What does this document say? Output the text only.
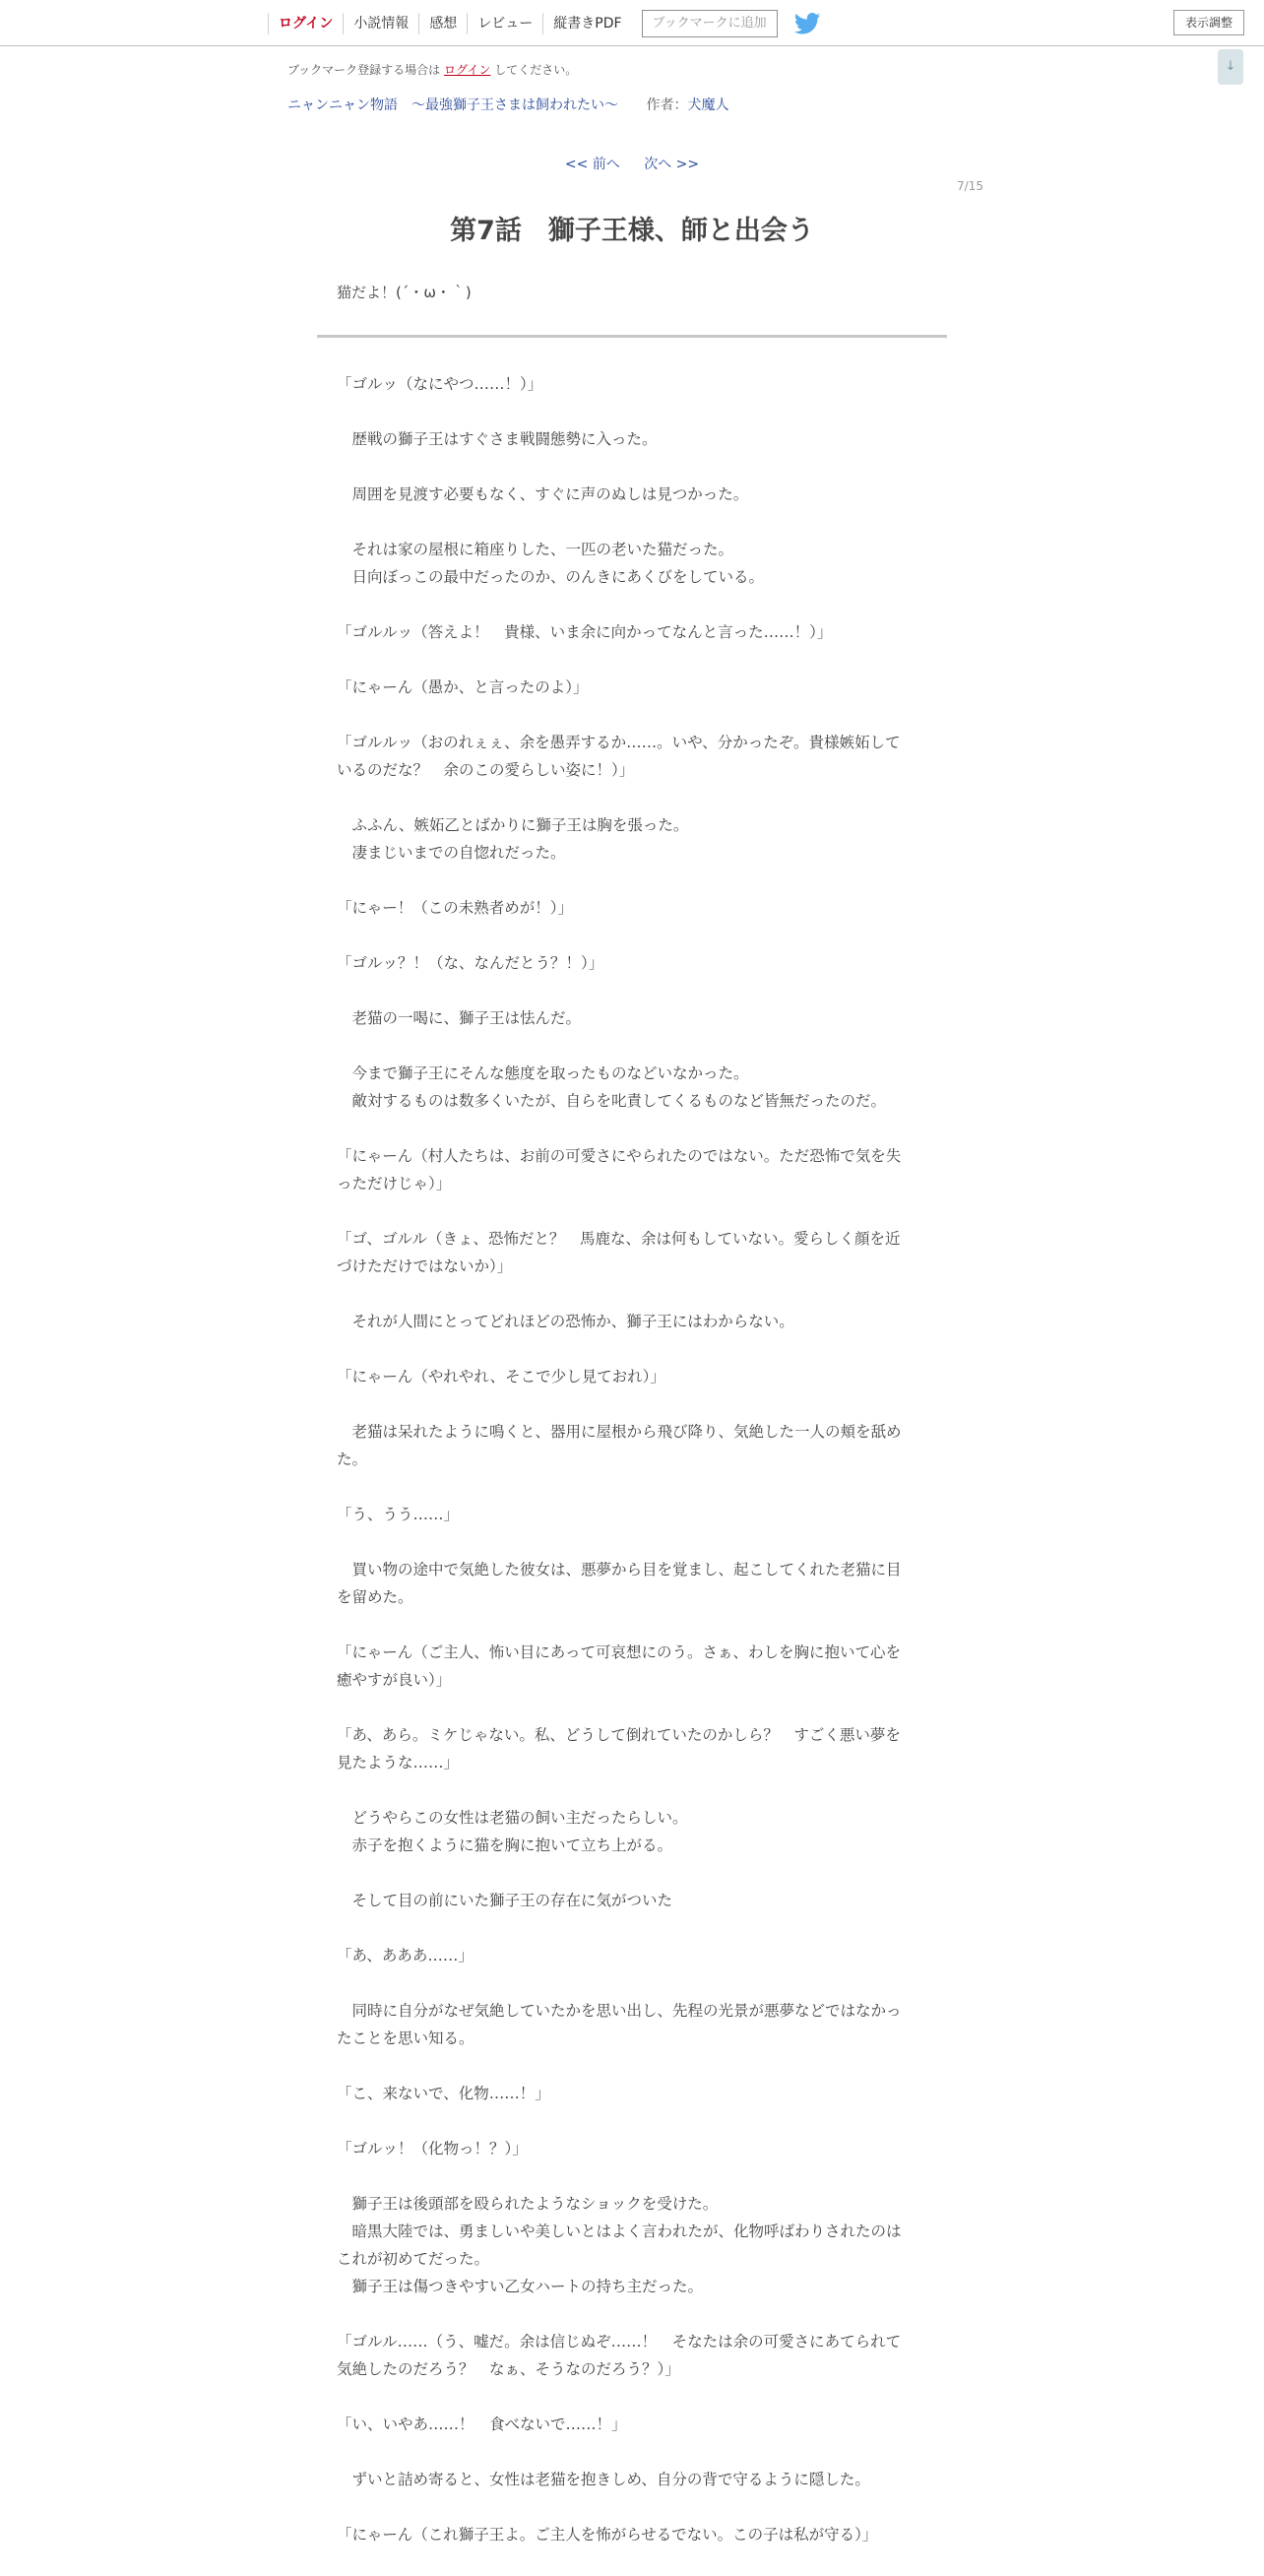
ログイン	小説情報	感想	レビュー	縦書きPDF	ブックマークに追加	表示調整
↓
ブックマーク登録する場合は ログイン してください。
ニャンニャン物語　～最強獅子王さまは飼われたい～ 作者：犬魔人
<< 前へ 次へ >>
7/15
第7話　獅子王様、師と出会う
猫だよ！(´・ω・｀)
「ゴルッ（なにやつ……！）」
　歴戦の獅子王はすぐさま戦闘態勢に入った。
　周囲を見渡す必要もなく、すぐに声のぬしは見つかった。
　それは家の屋根に箱座りした、一匹の老いた猫だった。
　日向ぼっこの最中だったのか、のんきにあくびをしている。
「ゴルルッ（答えよ！　貴様、いま余に向かってなんと言った……！）」
「にゃーん（愚か、と言ったのよ）」
「ゴルルッ（おのれぇぇ、余を愚弄するか……。いや、分かったぞ。貴様嫉妬して
いるのだな？　余のこの愛らしい姿に！）」
　ふふん、嫉妬乙とばかりに獅子王は胸を張った。
　凄まじいまでの自惚れだった。
「にゃー！（この未熟者めが！）」
「ゴルッ？！（な、なんだとう？！）」
　老猫の一喝に、獅子王は怯んだ。
　今まで獅子王にそんな態度を取ったものなどいなかった。
　敵対するものは数多くいたが、自らを叱責してくるものなど皆無だったのだ。
「にゃーん（村人たちは、お前の可愛さにやられたのではない。ただ恐怖で気を失
っただけじゃ）」
「ゴ、ゴルル（きょ、恐怖だと？　馬鹿な、余は何もしていない。愛らしく顔を近
づけただけではないか）」
　それが人間にとってどれほどの恐怖か、獅子王にはわからない。
「にゃーん（やれやれ、そこで少し見ておれ）」
　老猫は呆れたように鳴くと、器用に屋根から飛び降り、気絶した一人の頬を舐め
た。
「う、うう……」
　買い物の途中で気絶した彼女は、悪夢から目を覚まし、起こしてくれた老猫に目
を留めた。
「にゃーん（ご主人、怖い目にあって可哀想にのう。さぁ、わしを胸に抱いて心を
癒やすが良い）」
「あ、あら。ミケじゃない。私、どうして倒れていたのかしら？　すごく悪い夢を
見たような……」
　どうやらこの女性は老猫の飼い主だったらしい。
　赤子を抱くように猫を胸に抱いて立ち上がる。
　そして目の前にいた獅子王の存在に気がついた
「あ、あああ……」
　同時に自分がなぜ気絶していたかを思い出し、先程の光景が悪夢などではなかっ
たことを思い知る。
「こ、来ないで、化物……！」
「ゴルッ！（化物っ！？）」
　獅子王は後頭部を殴られたようなショックを受けた。
　暗黒大陸では、勇ましいや美しいとはよく言われたが、化物呼ばわりされたのは
これが初めてだった。
　獅子王は傷つきやすい乙女ハートの持ち主だった。
「ゴルル……（う、嘘だ。余は信じぬぞ……！　そなたは余の可愛さにあてられて
気絶したのだろう？　なぁ、そうなのだろう？）」
「い、いやあ……！　食べないで……！」
　ずいと詰め寄ると、女性は老猫を抱きしめ、自分の背で守るように隠した。
「にゃーん（これ獅子王よ。ご主人を怖がらせるでない。この子は私が守る）」
